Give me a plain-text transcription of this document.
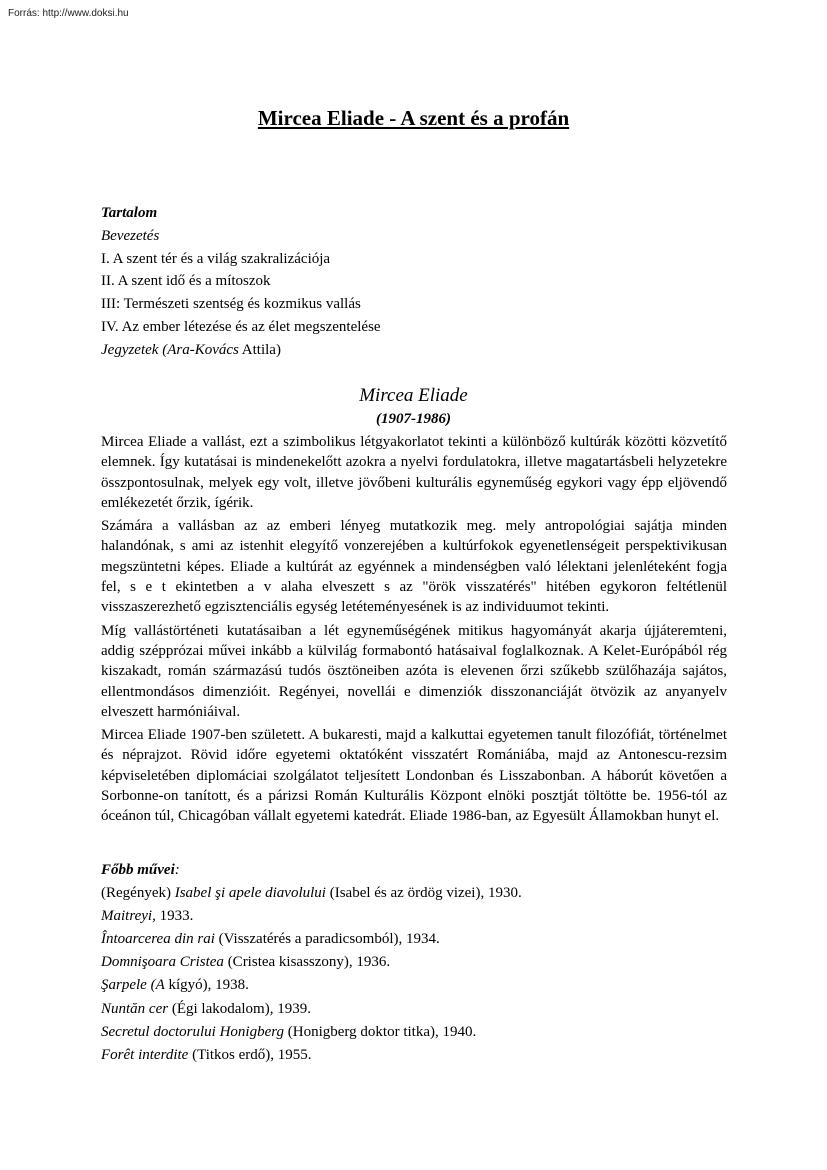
Forrás: http://www.doksi.hu
Mircea Eliade - A szent és a profán
Tartalom
Bevezetés
I. A szent tér és a világ szakralizációja
II. A szent idő és a mítoszok
III: Természeti szentség és kozmikus vallás
IV. Az ember létezése és az élet megszentelése
Jegyzetek (Ara-Kovács Attila)
Mircea Eliade
(1907-1986)

Mircea Eliade a vallást, ezt a szimbolikus létgyakorlatot tekinti a különböző kultúrák közötti közvetítő elemnek. Így kutatásai is mindenekelőtt azokra a nyelvi fordulatokra, illetve magatartásbeli helyzetekre összpontosulnak, melyek egy volt, illetve jövőbeni kulturális egyneműség egykori vagy épp eljövendő emlékezetét őrzik, ígérik.

Számára a vallásban az az emberi lényeg mutatkozik meg. mely antropológiai sajátja minden halandónak, s ami az istenhit elegyítő vonzerejében a kultúrfokok egyenetlenségeit perspektivikusan megszüntetni képes. Eliade a kultúrát az egyénnek a mindenségben való lélektani jelenléteként fogja fel, s e t ekintetben a v alaha elveszett s az "örök visszatérés" hitében egykoron feltétlenül visszaszerezhető egzisztenciális egység letéteményesének is az individuumot tekinti.

Míg vallástörténeti kutatásaiban a lét egyneműségének mitikus hagyományát akarja újjáteremteni, addig szépprózai művei inkább a külvilág formabontó hatásaival foglalkoznak. A Kelet-Európából rég kiszakadt, román származású tudós ösztöneiben azóta is elevenen őrzi szűkebb szülőhazája sajátos, ellentmondásos dimenzióit. Regényei, novellái e dimenziók disszonanciáját ötvözik az anyanyelv elveszett harmóniáival.

Mircea Eliade 1907-ben született. A bukaresti, majd a kalkuttai egyetemen tanult filozófiát, történelmet és néprajzot. Rövid időre egyetemi oktatóként visszatért Romániába, majd az Antonescu-rezsim képviseletében diplomáciai szolgálatot teljesített Londonban és Lisszabonban. A háborút követően a Sorbonne-on tanított, és a párizsi Román Kulturális Központ elnöki posztját töltötte be. 1956-tól az óceánon túl, Chicagóban vállalt egyetemi katedrát. Eliade 1986-ban, az Egyesült Államokban hunyt el.

Főbb művei:
(Regények) Isabel şi apele diavolului (Isabel és az ördög vizei), 1930.
Maitreyi, 1933.
Întoarcerea din rai (Visszatérés a paradicsomból), 1934.
Domnişoara Cristea (Cristea kisasszony), 1936.
Şarpele (A kígyó), 1938.
Nuntăn cer (Égi lakodalom), 1939.
Secretul doctorului Honigberg (Honigberg doktor titka), 1940.
Forêt interdite (Titkos erdő), 1955.
